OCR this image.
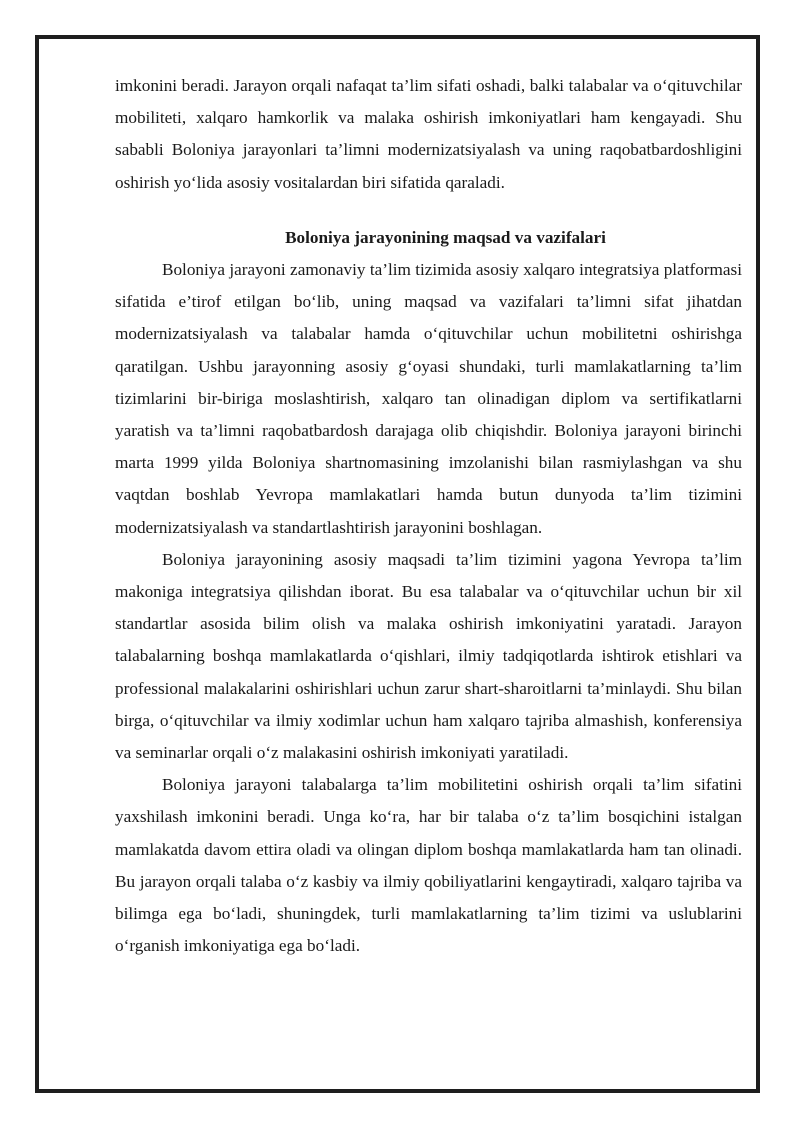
imkonini beradi. Jarayon orqali nafaqat ta’lim sifati oshadi, balki talabalar va o‘qituvchilar mobiliteti, xalqaro hamkorlik va malaka oshirish imkoniyatlari ham kengayadi. Shu sababli Boloniya jarayonlari ta’limni modernizatsiyalash va uning raqobatbardoshligini oshirish yo‘lida asosiy vositalardan biri sifatida qaraladi.

Boloniya jarayonining maqsad va vazifalari

Boloniya jarayoni zamonaviy ta’lim tizimida asosiy xalqaro integratsiya platformasi sifatida e’tirof etilgan bo‘lib, uning maqsad va vazifalari ta’limni sifat jihatdan modernizatsiyalash va talabalar hamda o‘qituvchilar uchun mobilitetni oshirishga qaratilgan. Ushbu jarayonning asosiy g‘oyasi shundaki, turli mamlakatlarning ta’lim tizimlarini bir-biriga moslashtirish, xalqaro tan olinadigan diplom va sertifikatlarni yaratish va ta’limni raqobatbardosh darajaga olib chiqishdir. Boloniya jarayoni birinchi marta 1999 yilda Boloniya shartnomasining imzolanishi bilan rasmiylashgan va shu vaqtdan boshlab Yevropa mamlakatlari hamda butun dunyoda ta’lim tizimini modernizatsiyalash va standartlashtirish jarayonini boshlagan.

Boloniya jarayonining asosiy maqsadi ta’lim tizimini yagona Yevropa ta’lim makoniga integratsiya qilishdan iborat. Bu esa talabalar va o‘qituvchilar uchun bir xil standartlar asosida bilim olish va malaka oshirish imkoniyatini yaratadi. Jarayon talabalarning boshqa mamlakatlarda o‘qishlari, ilmiy tadqiqotlarda ishtirok etishlari va professional malakalarini oshirishlari uchun zarur shart-sharoitlarni ta’minlaydi. Shu bilan birga, o‘qituvchilar va ilmiy xodimlar uchun ham xalqaro tajriba almashish, konferensiya va seminarlar orqali o‘z malakasini oshirish imkoniyati yaratiladi.

Boloniya jarayoni talabalarga ta’lim mobilitetini oshirish orqali ta’lim sifatini yaxshilash imkonini beradi. Unga ko‘ra, har bir talaba o‘z ta’lim bosqichini istalgan mamlakatda davom ettira oladi va olingan diplom boshqa mamlakatlarda ham tan olinadi. Bu jarayon orqali talaba o‘z kasbiy va ilmiy qobiliyatlarini kengaytiradi, xalqaro tajriba va bilimga ega bo‘ladi, shuningdek, turli mamlakatlarning ta’lim tizimi va uslublarini o‘rganish imkoniyatiga ega bo‘ladi.
